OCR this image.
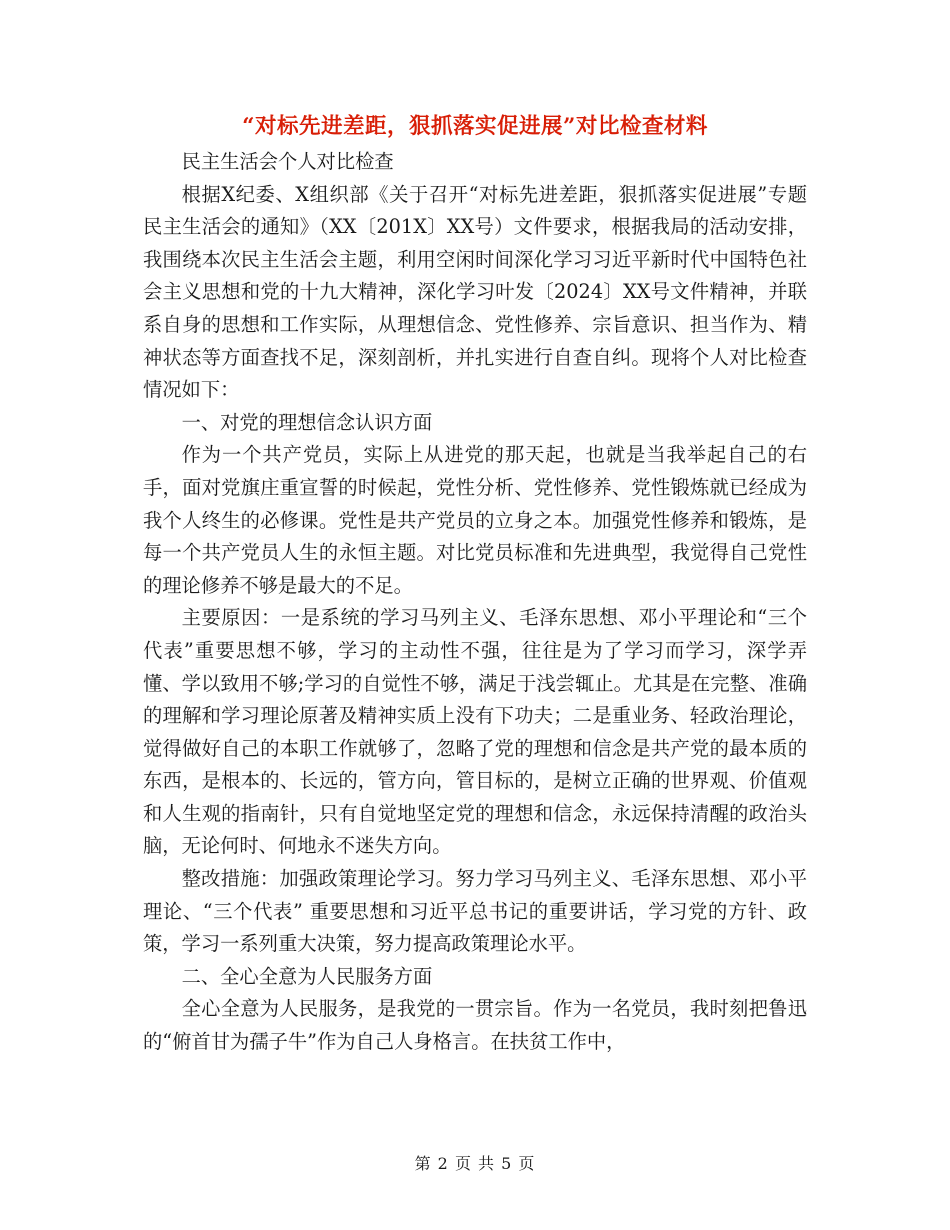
“对标先进差距，狠抓落实促进展”对比检查材料

民主生活会个人对比检查

根据X纪委、X组织部《关于召开“对标先进差距，狠抓落实促进展”专题民主生活会的通知》（XX〔201X〕XX号）文件要求，根据我局的活动安排，我围绕本次民主生活会主题，利用空闲时间深化学习习近平新时代中国特色社会主义思想和党的十九大精神，深化学习叶发〔2024〕XX号文件精神，并联系自身的思想和工作实际，从理想信念、党性修养、宗旨意识、担当作为、精神状态等方面查找不足，深刻剖析，并扎实进行自查自纠。现将个人对比检查情况如下：

一、对党的理想信念认识方面

作为一个共产党员，实际上从进党的那天起，也就是当我举起自己的右手，面对党旗庄重宣誓的时候起，党性分析、党性修养、党性锻炼就已经成为我个人终生的必修课。党性是共产党员的立身之本。加强党性修养和锻炼，是每一个共产党员人生的永恒主题。对比党员标准和先进典型，我觉得自己党性的理论修养不够是最大的不足。

主要原因：一是系统的学习马列主义、毛泽东思想、邓小平理论和“三个代表”重要思想不够，学习的主动性不强，往往是为了学习而学习，深学弄懂、学以致用不够;学习的自觉性不够，满足于浅尝辄止。尤其是在完整、准确的理解和学习理论原著及精神实质上没有下功夫；二是重业务、轻政治理论，觉得做好自己的本职工作就够了，忽略了党的理想和信念是共产党的最本质的东西，是根本的、长远的，管方向，管目标的，是树立正确的世界观、价值观和人生观的指南针，只有自觉地坚定党的理想和信念，永远保持清醒的政治头脑，无论何时、何地永不迷失方向。

整改措施：加强政策理论学习。努力学习马列主义、毛泽东思想、邓小平理论、“三个代表” 重要思想和习近平总书记的重要讲话，学习党的方针、政策，学习一系列重大决策，努力提高政策理论水平。

二、全心全意为人民服务方面

全心全意为人民服务，是我党的一贯宗旨。作为一名党员，我时刻把鲁迅的“俯首甘为孺子牛”作为自己人身格言。在扶贫工作中，

第 2 页 共 5 页
